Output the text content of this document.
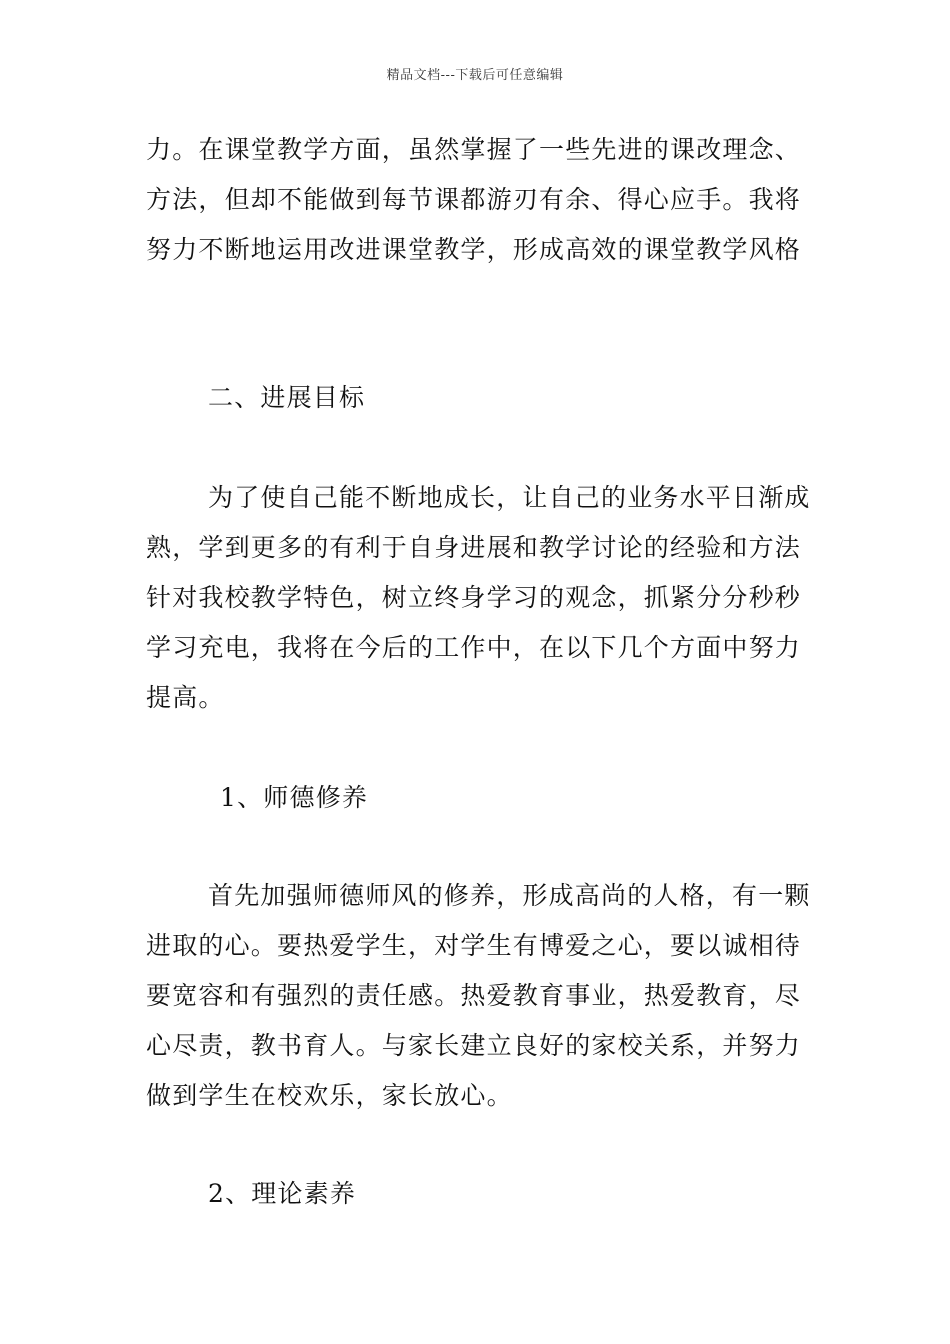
精品文档---下载后可任意编辑
力。在课堂教学方面，虽然掌握了一些先进的课改理念、
方法，但却不能做到每节课都游刃有余、得心应手。我将
努力不断地运用改进课堂教学，形成高效的课堂教学风格
二、进展目标
为了使自己能不断地成长，让自己的业务水平日渐成
熟，学到更多的有利于自身进展和教学讨论的经验和方法
针对我校教学特色，树立终身学习的观念，抓紧分分秒秒
学习充电，我将在今后的工作中，在以下几个方面中努力
提高。
1、师德修养
首先加强师德师风的修养，形成高尚的人格，有一颗
进取的心。要热爱学生，对学生有博爱之心，要以诚相待
要宽容和有强烈的责任感。热爱教育事业，热爱教育，尽
心尽责，教书育人。与家长建立良好的家校关系，并努力
做到学生在校欢乐，家长放心。
2、理论素养
